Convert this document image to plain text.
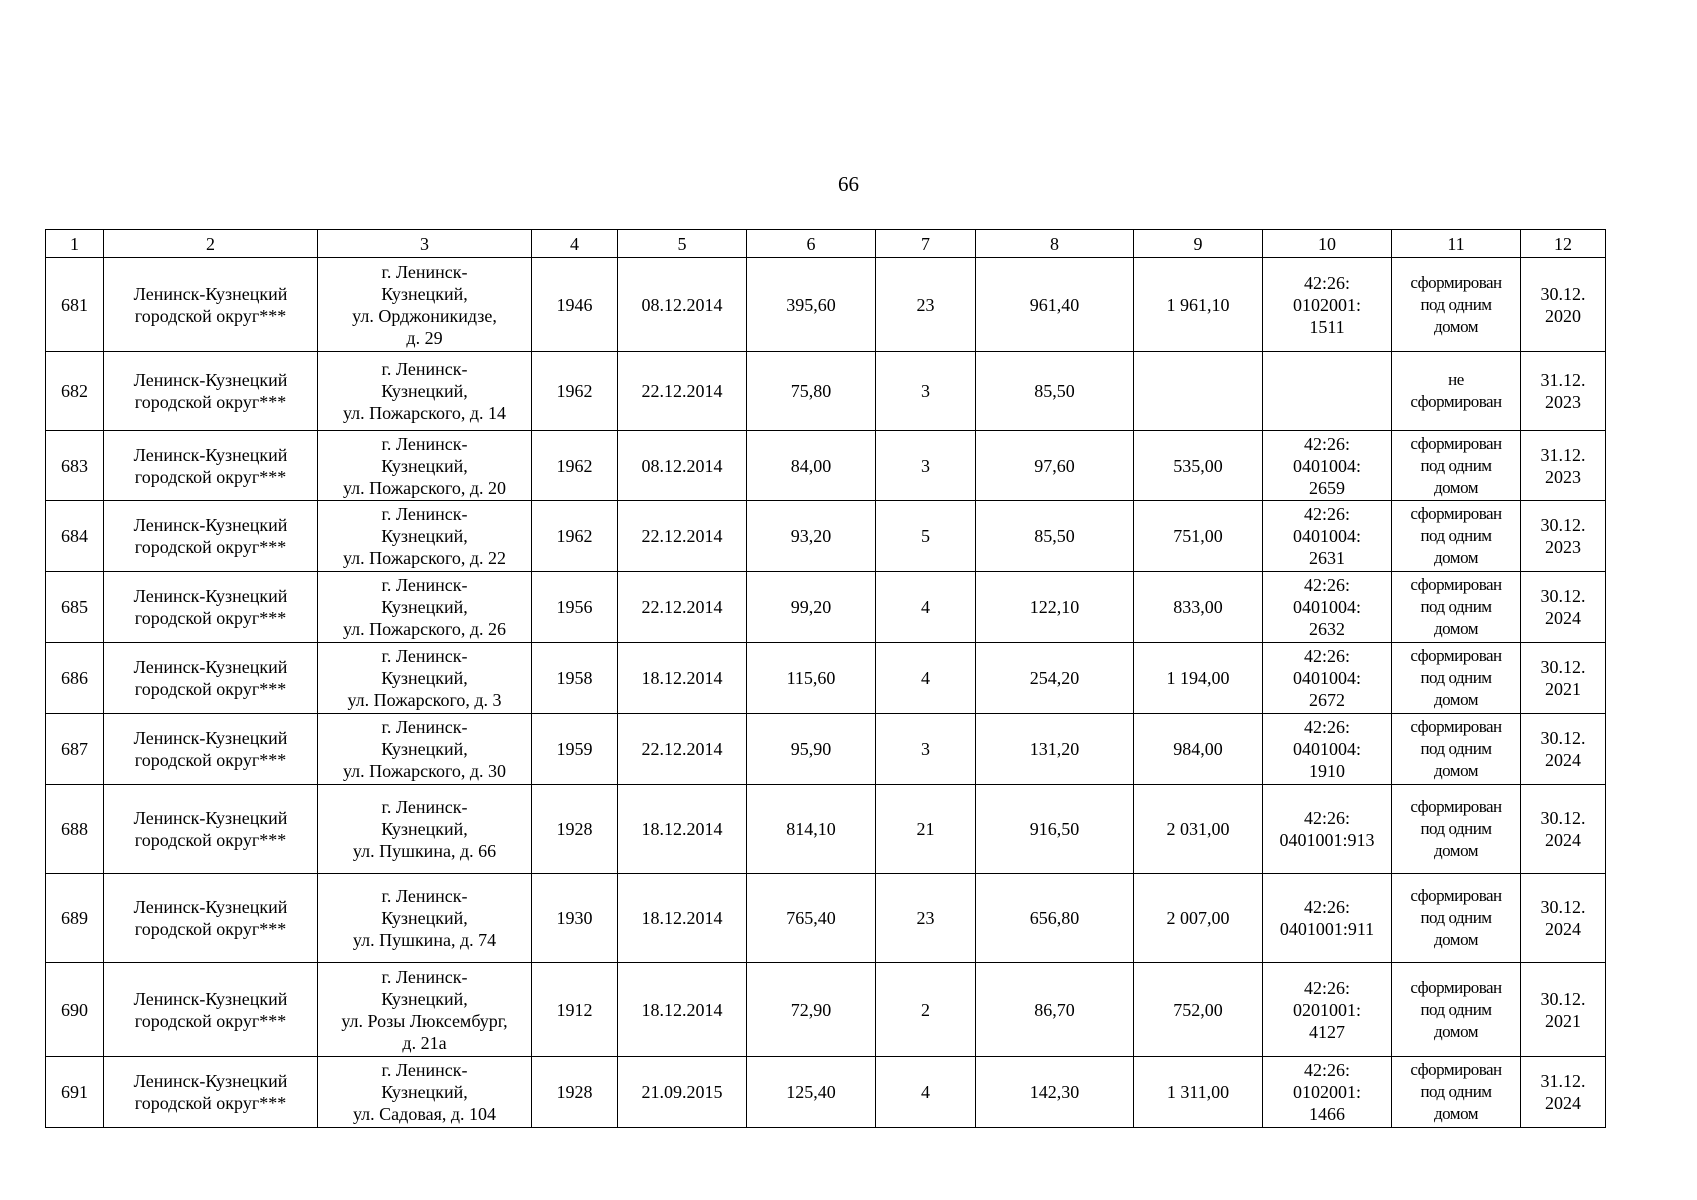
66
1	2	3	4	5	6	7	8	9	10	11	12
681	Ленинск-Кузнецкий
городской округ***	г. Ленинск-
Кузнецкий,
ул. Орджоникидзе,
д. 29	1946	08.12.2014	395,60	23	961,40	1 961,10	42:26:
0102001:
1511	сформирован
под одним
домом	30.12.
2020

682	Ленинск-Кузнецкий
городской округ***	г. Ленинск-
Кузнецкий,
ул. Пожарского, д. 14	1962	22.12.2014	75,80	3	85,50			не
сформирован	31.12.
2023

683	Ленинск-Кузнецкий
городской округ***	г. Ленинск-
Кузнецкий,
ул. Пожарского, д. 20	1962	08.12.2014	84,00	3	97,60	535,00	42:26:
0401004:
2659	сформирован
под одним
домом	31.12.
2023

684	Ленинск-Кузнецкий
городской округ***	г. Ленинск-
Кузнецкий,
ул. Пожарского, д. 22	1962	22.12.2014	93,20	5	85,50	751,00	42:26:
0401004:
2631	сформирован
под одним
домом	30.12.
2023

685	Ленинск-Кузнецкий
городской округ***	г. Ленинск-
Кузнецкий,
ул. Пожарского, д. 26	1956	22.12.2014	99,20	4	122,10	833,00	42:26:
0401004:
2632	сформирован
под одним
домом	30.12.
2024

686	Ленинск-Кузнецкий
городской округ***	г. Ленинск-
Кузнецкий,
ул. Пожарского, д. 3	1958	18.12.2014	115,60	4	254,20	1 194,00	42:26:
0401004:
2672	сформирован
под одним
домом	30.12.
2021

687	Ленинск-Кузнецкий
городской округ***	г. Ленинск-
Кузнецкий,
ул. Пожарского, д. 30	1959	22.12.2014	95,90	3	131,20	984,00	42:26:
0401004:
1910	сформирован
под одним
домом	30.12.
2024

688	Ленинск-Кузнецкий
городской округ***	г. Ленинск-
Кузнецкий,
ул. Пушкина, д. 66	1928	18.12.2014	814,10	21	916,50	2 031,00	42:26:
0401001:913	сформирован
под одним
домом	30.12.
2024

689	Ленинск-Кузнецкий
городской округ***	г. Ленинск-
Кузнецкий,
ул. Пушкина, д. 74	1930	18.12.2014	765,40	23	656,80	2 007,00	42:26:
0401001:911	сформирован
под одним
домом	30.12.
2024

690	Ленинск-Кузнецкий
городской округ***	г. Ленинск-
Кузнецкий,
ул. Розы Люксембург,
д. 21а	1912	18.12.2014	72,90	2	86,70	752,00	42:26:
0201001:
4127	сформирован
под одним
домом	30.12.
2021

691	Ленинск-Кузнецкий
городской округ***	г. Ленинск-
Кузнецкий,
ул. Садовая, д. 104	1928	21.09.2015	125,40	4	142,30	1 311,00	42:26:
0102001:
1466	сформирован
под одним
домом	31.12.
2024
